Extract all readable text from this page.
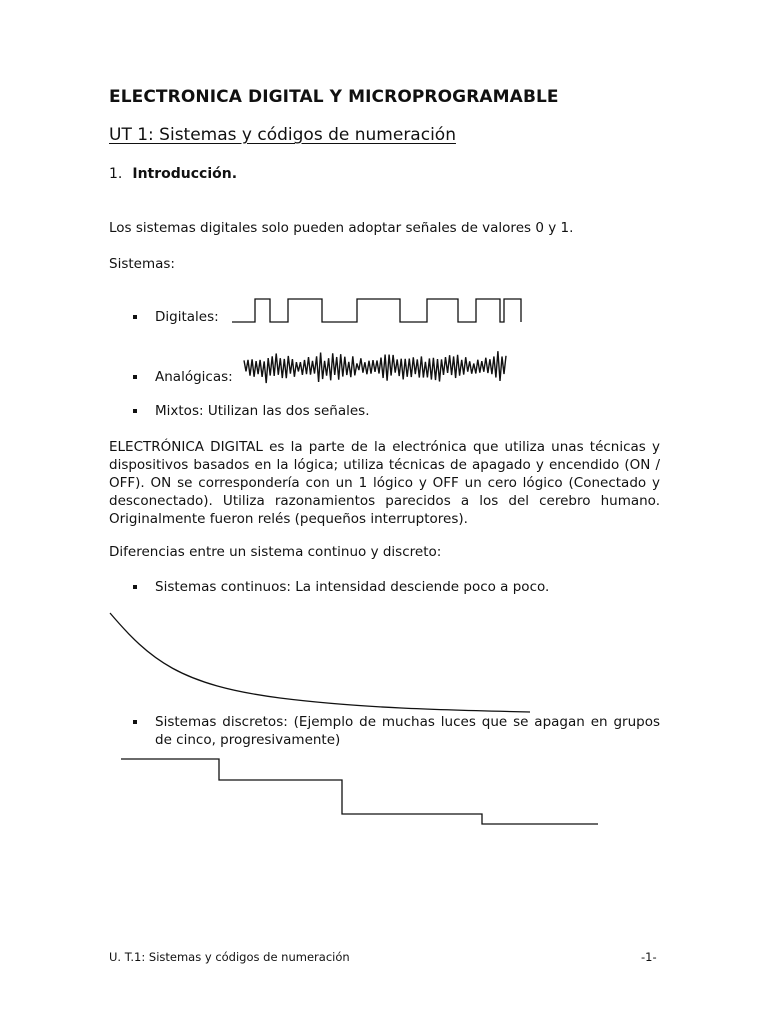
ELECTRONICA DIGITAL Y MICROPROGRAMABLE
UT 1: Sistemas y códigos de numeración
1. Introducción.
Los sistemas digitales solo pueden adoptar señales de valores 0 y 1.
Sistemas:
Digitales:
Analógicas:
Mixtos: Utilizan las dos señales.
ELECTRÓNICA DIGITAL es la parte de la electrónica que utiliza unas técnicas y dispositivos basados en la lógica; utiliza técnicas de apagado y encendido (ON / OFF). ON se correspondería con un 1 lógico y OFF un cero lógico (Conectado y desconectado). Utiliza razonamientos parecidos a los del cerebro humano. Originalmente fueron relés (pequeños interruptores).
Diferencias entre un sistema continuo y discreto:
Sistemas continuos: La intensidad desciende poco a poco.
Sistemas discretos: (Ejemplo de muchas luces que se apagan en grupos de cinco, progresivamente)
U. T.1: Sistemas y códigos de numeración	-1-
